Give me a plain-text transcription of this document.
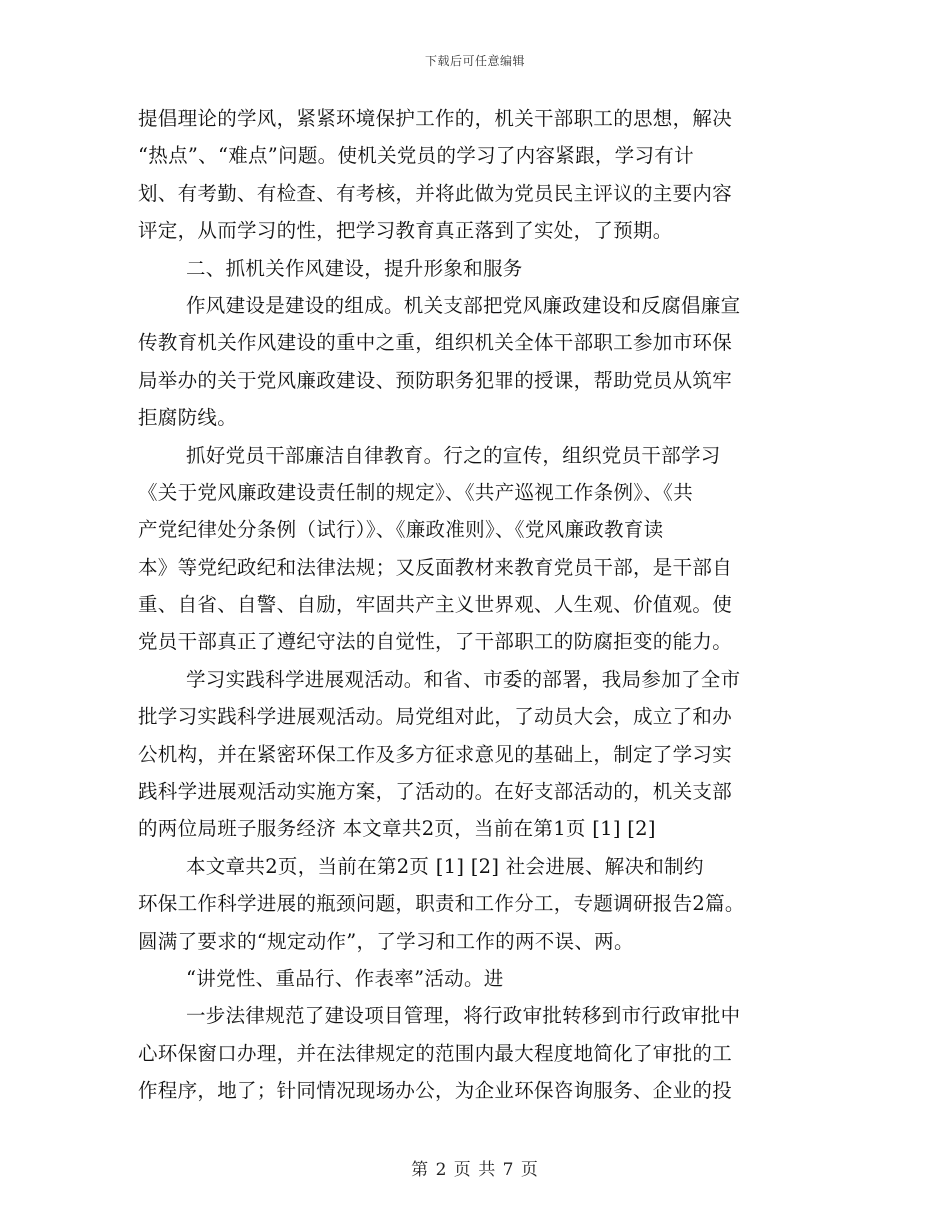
下载后可任意编辑
提倡理论的学风，紧紧环境保护工作的，机关干部职工的思想，解决
“热点”、“难点”问题。使机关党员的学习了内容紧跟，学习有计
划、有考勤、有检查、有考核，并将此做为党员民主评议的主要内容
评定，从而学习的性，把学习教育真正落到了实处，了预期。
二、抓机关作风建设，提升形象和服务
作风建设是建设的组成。机关支部把党风廉政建设和反腐倡廉宣
传教育机关作风建设的重中之重，组织机关全体干部职工参加市环保
局举办的关于党风廉政建设、预防职务犯罪的授课，帮助党员从筑牢
拒腐防线。
抓好党员干部廉洁自律教育。行之的宣传，组织党员干部学习
《关于党风廉政建设责任制的规定》、《共产巡视工作条例》、《共
产党纪律处分条例（试行）》、《廉政准则》、《党风廉政教育读
本》等党纪政纪和法律法规；又反面教材来教育党员干部，是干部自
重、自省、自警、自励，牢固共产主义世界观、人生观、价值观。使
党员干部真正了遵纪守法的自觉性，了干部职工的防腐拒变的能力。
学习实践科学进展观活动。和省、市委的部署，我局参加了全市
批学习实践科学进展观活动。局党组对此，了动员大会，成立了和办
公机构，并在紧密环保工作及多方征求意见的基础上，制定了学习实
践科学进展观活动实施方案，了活动的。在好支部活动的，机关支部
的两位局班子服务经济 本文章共2页，当前在第1页 [1] [2]
本文章共2页，当前在第2页 [1] [2] 社会进展、解决和制约
环保工作科学进展的瓶颈问题，职责和工作分工，专题调研报告2篇。
圆满了要求的“规定动作”，了学习和工作的两不误、两。
“讲党性、重品行、作表率”活动。进
一步法律规范了建设项目管理，将行政审批转移到市行政审批中
心环保窗口办理，并在法律规定的范围内最大程度地简化了审批的工
作程序，地了；针同情况现场办公，为企业环保咨询服务、企业的投
第 2 页 共 7 页
